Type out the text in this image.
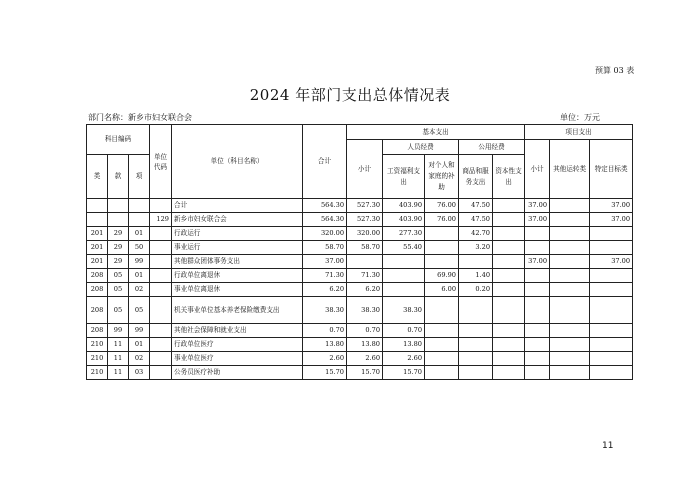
预算 03 表
2024 年部门支出总体情况表
部门名称：新乡市妇女联合会	单位：万元
科目编码			单位代码	单位（科目名称）	合计	基本支出					项目支出		
						小计	人员经费		公用经费		小计	其他运转类	特定目标类
类	款	项					工资福利支出	对个人和家庭的补助	商品和服务支出	资本性支出			

				合计	564.30	527.30	403.90	76.00	47.50		37.00		37.00
			129	新乡市妇女联合会	564.30	527.30	403.90	76.00	47.50		37.00		37.00
201	29	01		行政运行	320.00	320.00	277.30		42.70				
201	29	50		事业运行	58.70	58.70	55.40		3.20				
201	29	99		其他群众团体事务支出	37.00						37.00		37.00
208	05	01		行政单位离退休	71.30	71.30		69.90	1.40				
208	05	02		事业单位离退休	6.20	6.20		6.00	0.20				
208	05	05		机关事业单位基本养老保险缴费支出	38.30	38.30	38.30						
208	99	99		其他社会保障和就业支出	0.70	0.70	0.70						
210	11	01		行政单位医疗	13.80	13.80	13.80						
210	11	02		事业单位医疗	2.60	2.60	2.60						
210	11	03		公务员医疗补助	15.70	15.70	15.70						
11
